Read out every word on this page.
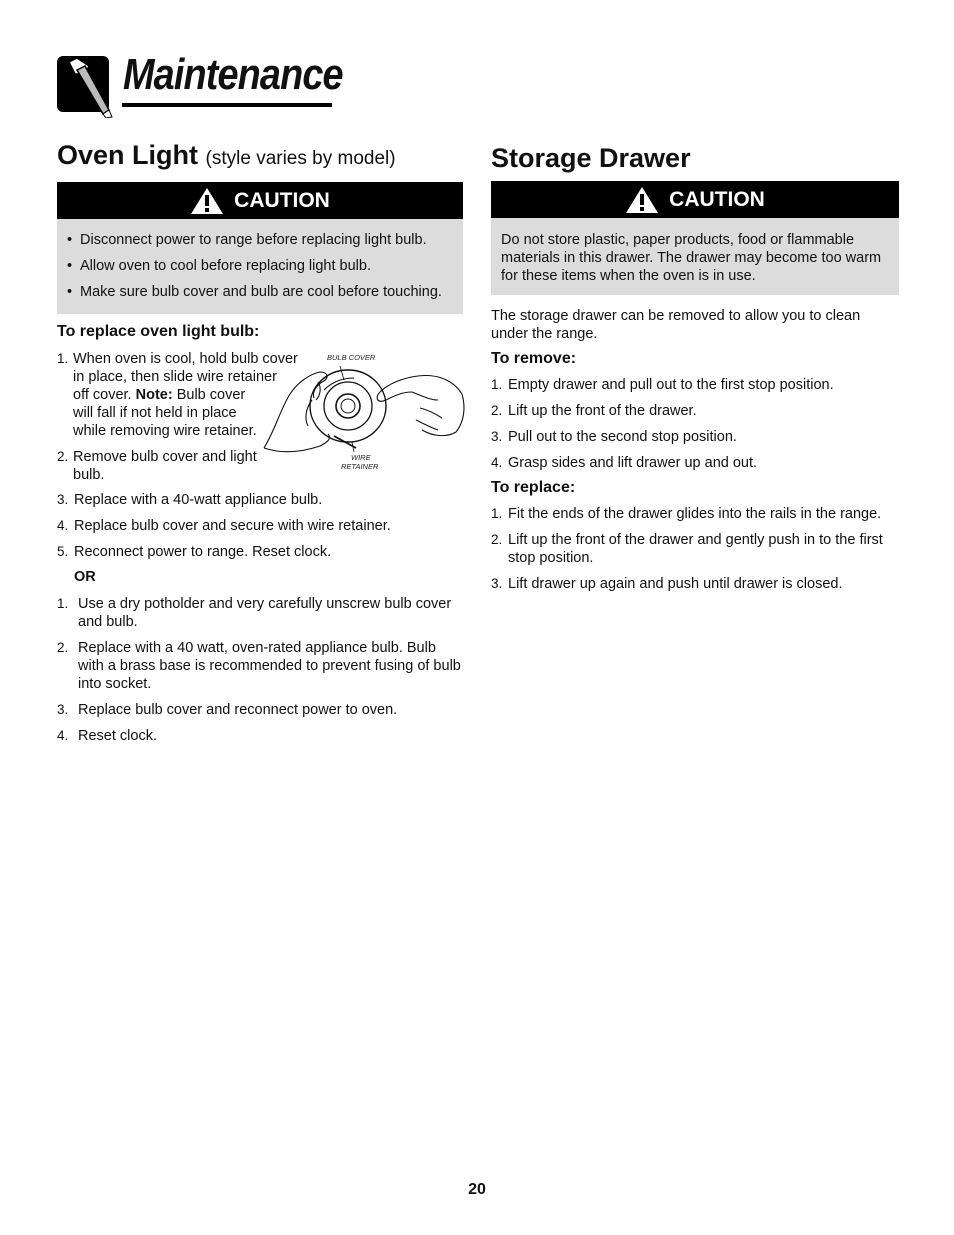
Maintenance
Oven Light (style varies by model)
CAUTION
• Disconnect power to range before replacing light bulb.
• Allow oven to cool before replacing light bulb.
• Make sure bulb cover and bulb are cool before touching.
To replace oven light bulb:
1. When oven is cool, hold bulb cover
in place, then slide wire retainer
off cover. Note: Bulb cover
will fall if not held in place
while removing wire retainer.
2. Remove bulb cover and light
bulb.
BULB COVER
WIRE
RETAINER
3. Replace with a 40-watt appliance bulb.
4. Replace bulb cover and secure with wire retainer.
5. Reconnect power to range. Reset clock.
OR
1. Use a dry potholder and very carefully unscrew bulb cover and bulb.
2. Replace with a 40 watt, oven-rated appliance bulb. Bulb with a brass base is recommended to prevent fusing of bulb into socket.
3. Replace bulb cover and reconnect power to oven.
4. Reset clock.
Storage Drawer
CAUTION
Do not store plastic, paper products, food or flammable materials in this drawer. The drawer may become too warm for these items when the oven is in use.
The storage drawer can be removed to allow you to clean under the range.
To remove:
1. Empty drawer and pull out to the first stop position.
2. Lift up the front of the drawer.
3. Pull out to the second stop position.
4. Grasp sides and lift drawer up and out.
To replace:
1. Fit the ends of the drawer glides into the rails in the range.
2. Lift up the front of the drawer and gently push in to the first stop position.
3. Lift drawer up again and push until drawer is closed.
20
